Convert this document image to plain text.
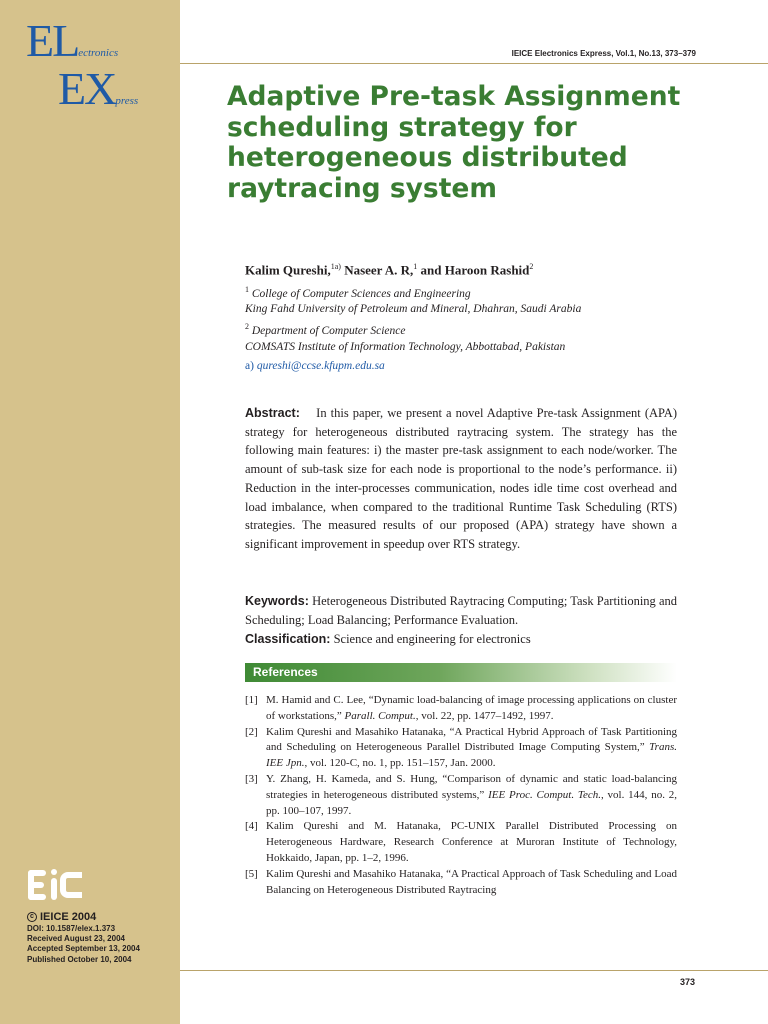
ELectronics
EXpress
c IEICE 2004
DOI: 10.1587/elex.1.373
Received August 23, 2004
Accepted September 13, 2004
Published October 10, 2004
IEICE Electronics Express, Vol.1, No.13, 373–379
Adaptive Pre-task Assignment scheduling strategy for heterogeneous distributed raytracing system
Kalim Qureshi,$^{1a)}$ Naseer A. R,$^1$ and Haroon Rashid$^2$
$^1$ College of Computer Sciences and Engineering
King Fahd University of Petroleum and Mineral, Dhahran, Saudi Arabia
$^2$ Department of Computer Science
COMSATS Institute of Information Technology, Abbottabad, Pakistan
a) qureshi@ccse.kfupm.edu.sa

Abstract: In this paper, we present a novel Adaptive Pre-task Assignment (APA) strategy for heterogeneous distributed raytracing system. The strategy has the following main features: i) the master pre-task assignment to each node/worker. The amount of sub-task size for each node is proportional to the node’s performance. ii) Reduction in the inter-processes communication, nodes idle time cost overhead and load imbalance, when compared to the traditional Runtime Task Scheduling (RTS) strategies. The measured results of our proposed (APA) strategy have shown a significant improvement in speedup over RTS strategy.

Keywords: Heterogeneous Distributed Raytracing Computing; Task Partitioning and Scheduling; Load Balancing; Performance Evaluation.

Classification: Science and engineering for electronics

References
[1] M. Hamid and C. Lee, “Dynamic load-balancing of image processing applications on cluster of workstations,” Parall. Comput., vol. 22, pp. 1477–1492, 1997.
[2] Kalim Qureshi and Masahiko Hatanaka, “A Practical Hybrid Approach of Task Partitioning and Scheduling on Heterogeneous Parallel Distributed Image Computing System,” Trans. IEE Jpn., vol. 120-C, no. 1, pp. 151–157, Jan. 2000.
[3] Y. Zhang, H. Kameda, and S. Hung, “Comparison of dynamic and static load-balancing strategies in heterogeneous distributed systems,” IEE Proc. Comput. Tech., vol. 144, no. 2, pp. 100–107, 1997.
[4] Kalim Qureshi and M. Hatanaka, PC-UNIX Parallel Distributed Processing on Heterogeneous Hardware, Research Conference at Muroran Institute of Technology, Hokkaido, Japan, pp. 1–2, 1996.
[5] Kalim Qureshi and Masahiko Hatanaka, “A Practical Approach of Task Scheduling and Load Balancing on Heterogeneous Distributed Raytracing
373
